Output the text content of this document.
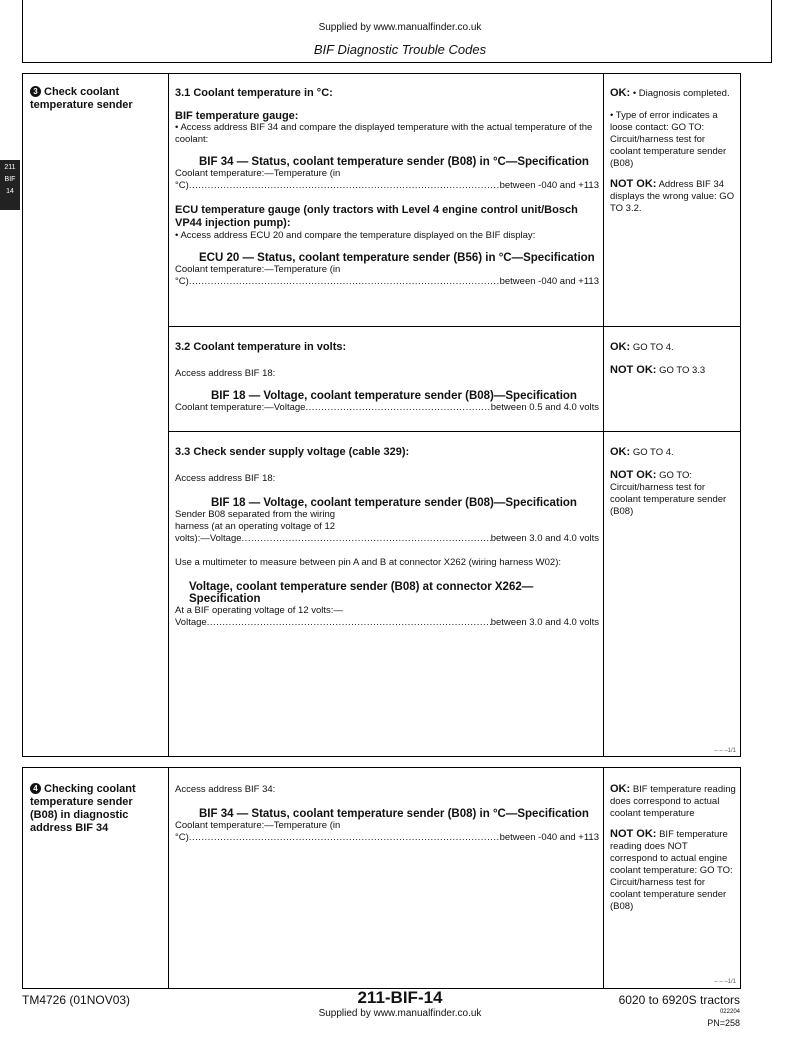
Supplied by www.manualfinder.co.uk
BIF Diagnostic Trouble Codes
211
BIF
14
3 Check coolant temperature sender
3.1 Coolant temperature in °C:
BIF temperature gauge:
• Access address BIF 34 and compare the displayed temperature with the actual temperature of the coolant:
BIF 34 — Status, coolant temperature sender (B08) in °C—Specification
Coolant temperature:—Temperature (in
°C) .....	between -040 and +113
ECU temperature gauge (only tractors with Level 4 engine control unit/Bosch VP44 injection pump):
• Access address ECU 20 and compare the temperature displayed on the BIF display:
ECU 20 — Status, coolant temperature sender (B56) in °C—Specification
Coolant temperature:—Temperature (in
°C) .....	between -040 and +113
OK: • Diagnosis completed.
• Type of error indicates a loose contact: GO TO: Circuit/harness test for coolant temperature sender (B08)
NOT OK: Address BIF 34 displays the wrong value: GO TO 3.2.
3.2 Coolant temperature in volts:
Access address BIF 18:
BIF 18 — Voltage, coolant temperature sender (B08)—Specification
Coolant temperature:—Voltage .....	between 0.5 and 4.0 volts
OK: GO TO 4.
NOT OK: GO TO 3.3
3.3 Check sender supply voltage (cable 329):
Access address BIF 18:
BIF 18 — Voltage, coolant temperature sender (B08)—Specification
Sender B08 separated from the wiring
harness (at an operating voltage of 12
volts):—Voltage .....	between 3.0 and 4.0 volts
Use a multimeter to measure between pin A and B at connector X262 (wiring harness W02):
Voltage, coolant temperature sender (B08) at connector X262—Specification
At a BIF operating voltage of 12 volts:—
Voltage .....	between 3.0 and 4.0 volts
OK: GO TO 4.
NOT OK: GO TO: Circuit/harness test for coolant temperature sender (B08)
– – –1/1
4 Checking coolant temperature sender (B08) in diagnostic address BIF 34
Access address BIF 34:
BIF 34 — Status, coolant temperature sender (B08) in °C—Specification
Coolant temperature:—Temperature (in
°C) .....	between -040 and +113
OK: BIF temperature reading does correspond to actual coolant temperature
NOT OK: BIF temperature reading does NOT correspond to actual engine coolant temperature: GO TO: Circuit/harness test for coolant temperature sender (B08)
– – –1/1
TM4726 (01NOV03)	211-BIF-14
Supplied by www.manualfinder.co.uk
6020 to 6920S tractors
022204
PN=258
